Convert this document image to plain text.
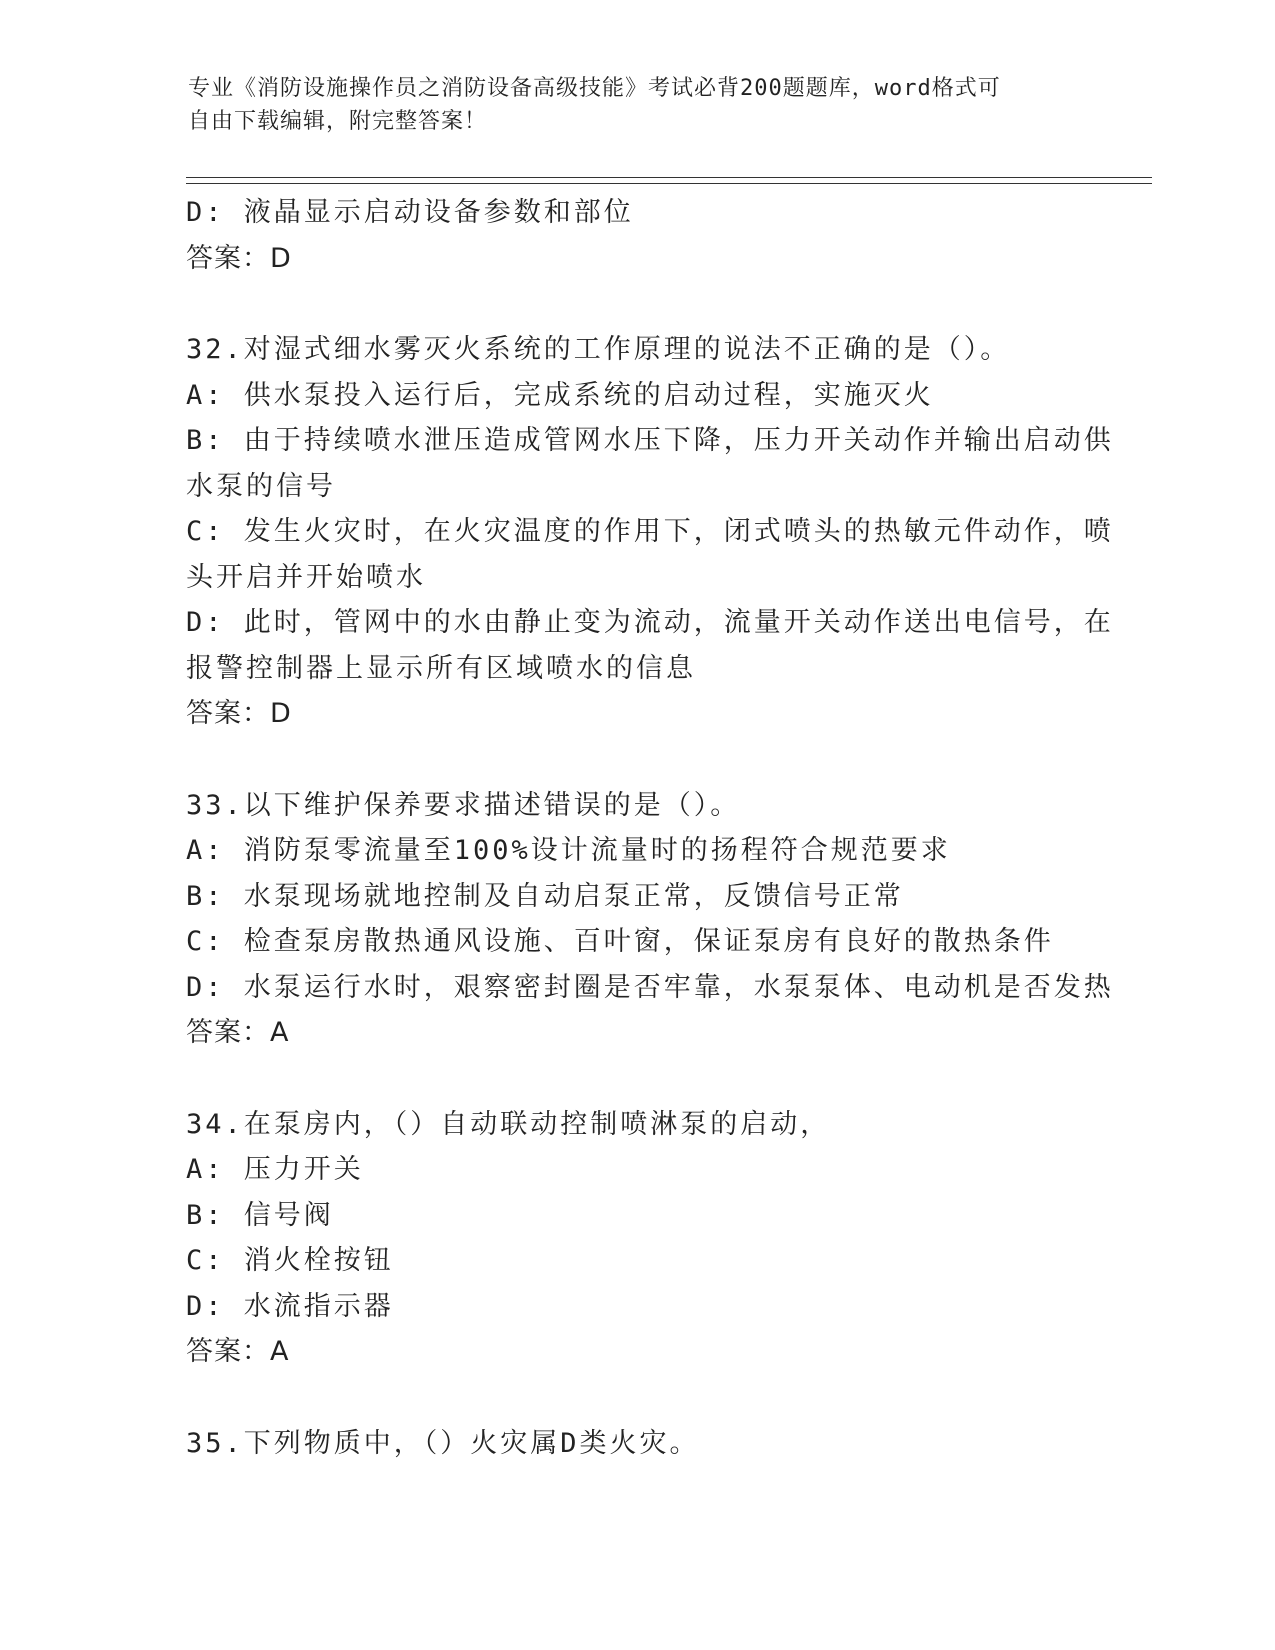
专业《消防设施操作员之消防设备高级技能》考试必背200题题库，word格式可
自由下载编辑，附完整答案！
D: 液晶显示启动设备参数和部位
答案：D
32.对湿式细水雾灭火系统的工作原理的说法不正确的是（）。
A: 供水泵投入运行后，完成系统的启动过程，实施灭火
B: 由于持续喷水泄压造成管网水压下降，压力开关动作并输出启动供
水泵的信号
C: 发生火灾时，在火灾温度的作用下，闭式喷头的热敏元件动作，喷
头开启并开始喷水
D: 此时，管网中的水由静止变为流动，流量开关动作送出电信号，在
报警控制器上显示所有区域喷水的信息
答案：D
33.以下维护保养要求描述错误的是（）。
A: 消防泵零流量至100%设计流量时的扬程符合规范要求
B: 水泵现场就地控制及自动启泵正常，反馈信号正常
C: 检查泵房散热通风设施、百叶窗，保证泵房有良好的散热条件
D: 水泵运行水时，艰察密封圈是否牢靠，水泵泵体、电动机是否发热
答案：A
34.在泵房内，（）自动联动控制喷淋泵的启动，
A: 压力开关
B: 信号阀
C: 消火栓按钮
D: 水流指示器
答案：A
35.下列物质中，（）火灾属D类火灾。
